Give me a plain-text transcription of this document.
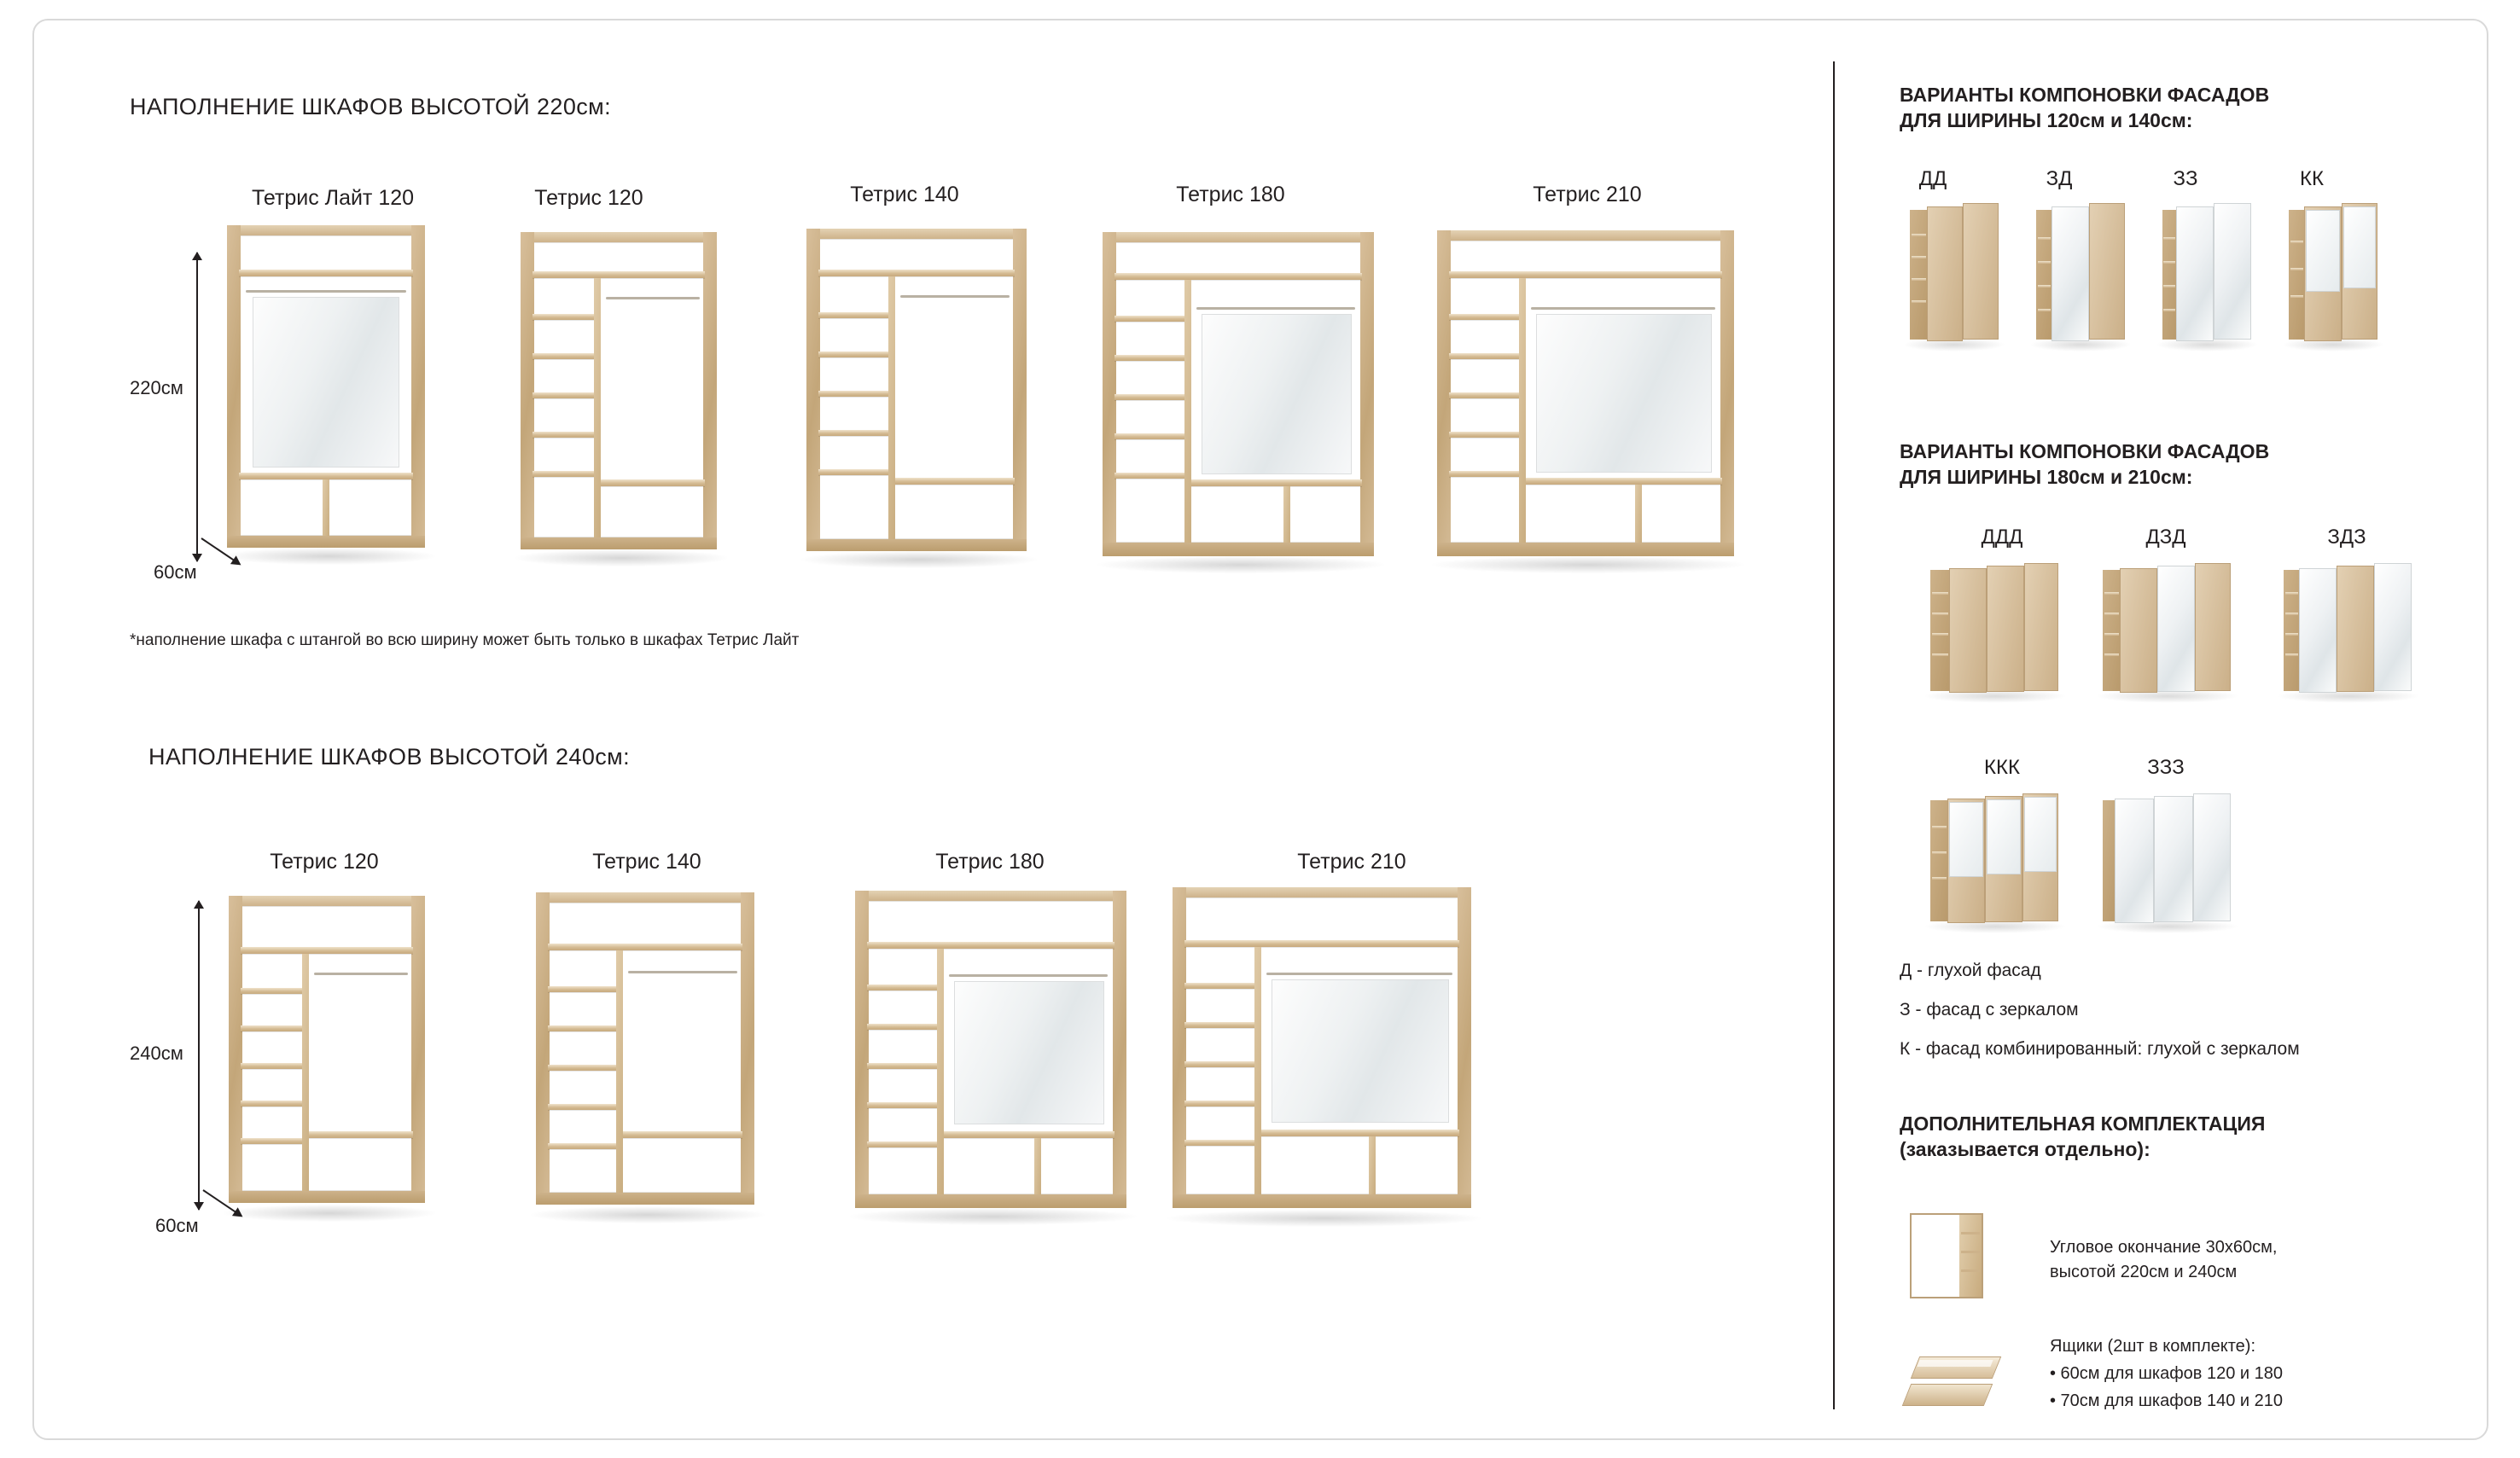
НАПОЛНЕНИЕ ШКАФОВ ВЫСОТОЙ 220см:
220см
60см
Тетрис Лайт 120	Тетрис 120	Тетрис 140	Тетрис 180	Тетрис 210
*наполнение шкафа с штангой во всю ширину может быть только в шкафах Тетрис Лайт
НАПОЛНЕНИЕ ШКАФОВ ВЫСОТОЙ 240см:
240см
60см
Тетрис 120	Тетрис 140	Тетрис 180	Тетрис 210
ВАРИАНТЫ КОМПОНОВКИ ФАСАДОВ
ДЛЯ ШИРИНЫ 120см и 140см:
ДД	ЗД	ЗЗ	КК
ВАРИАНТЫ КОМПОНОВКИ ФАСАДОВ
ДЛЯ ШИРИНЫ 180см и 210см:
ДДД	ДЗД	ЗДЗ
ККК	ЗЗЗ
Д - глухой фасад
З - фасад с зеркалом
К - фасад комбинированный: глухой с зеркалом
ДОПОЛНИТЕЛЬНАЯ КОМПЛЕКТАЦИЯ
(заказывается отдельно):
Угловое окончание 30х60см,
высотой 220см и 240см
Ящики (2шт в комплекте):
• 60см для шкафов 120 и 180
• 70см для шкафов 140 и 210
